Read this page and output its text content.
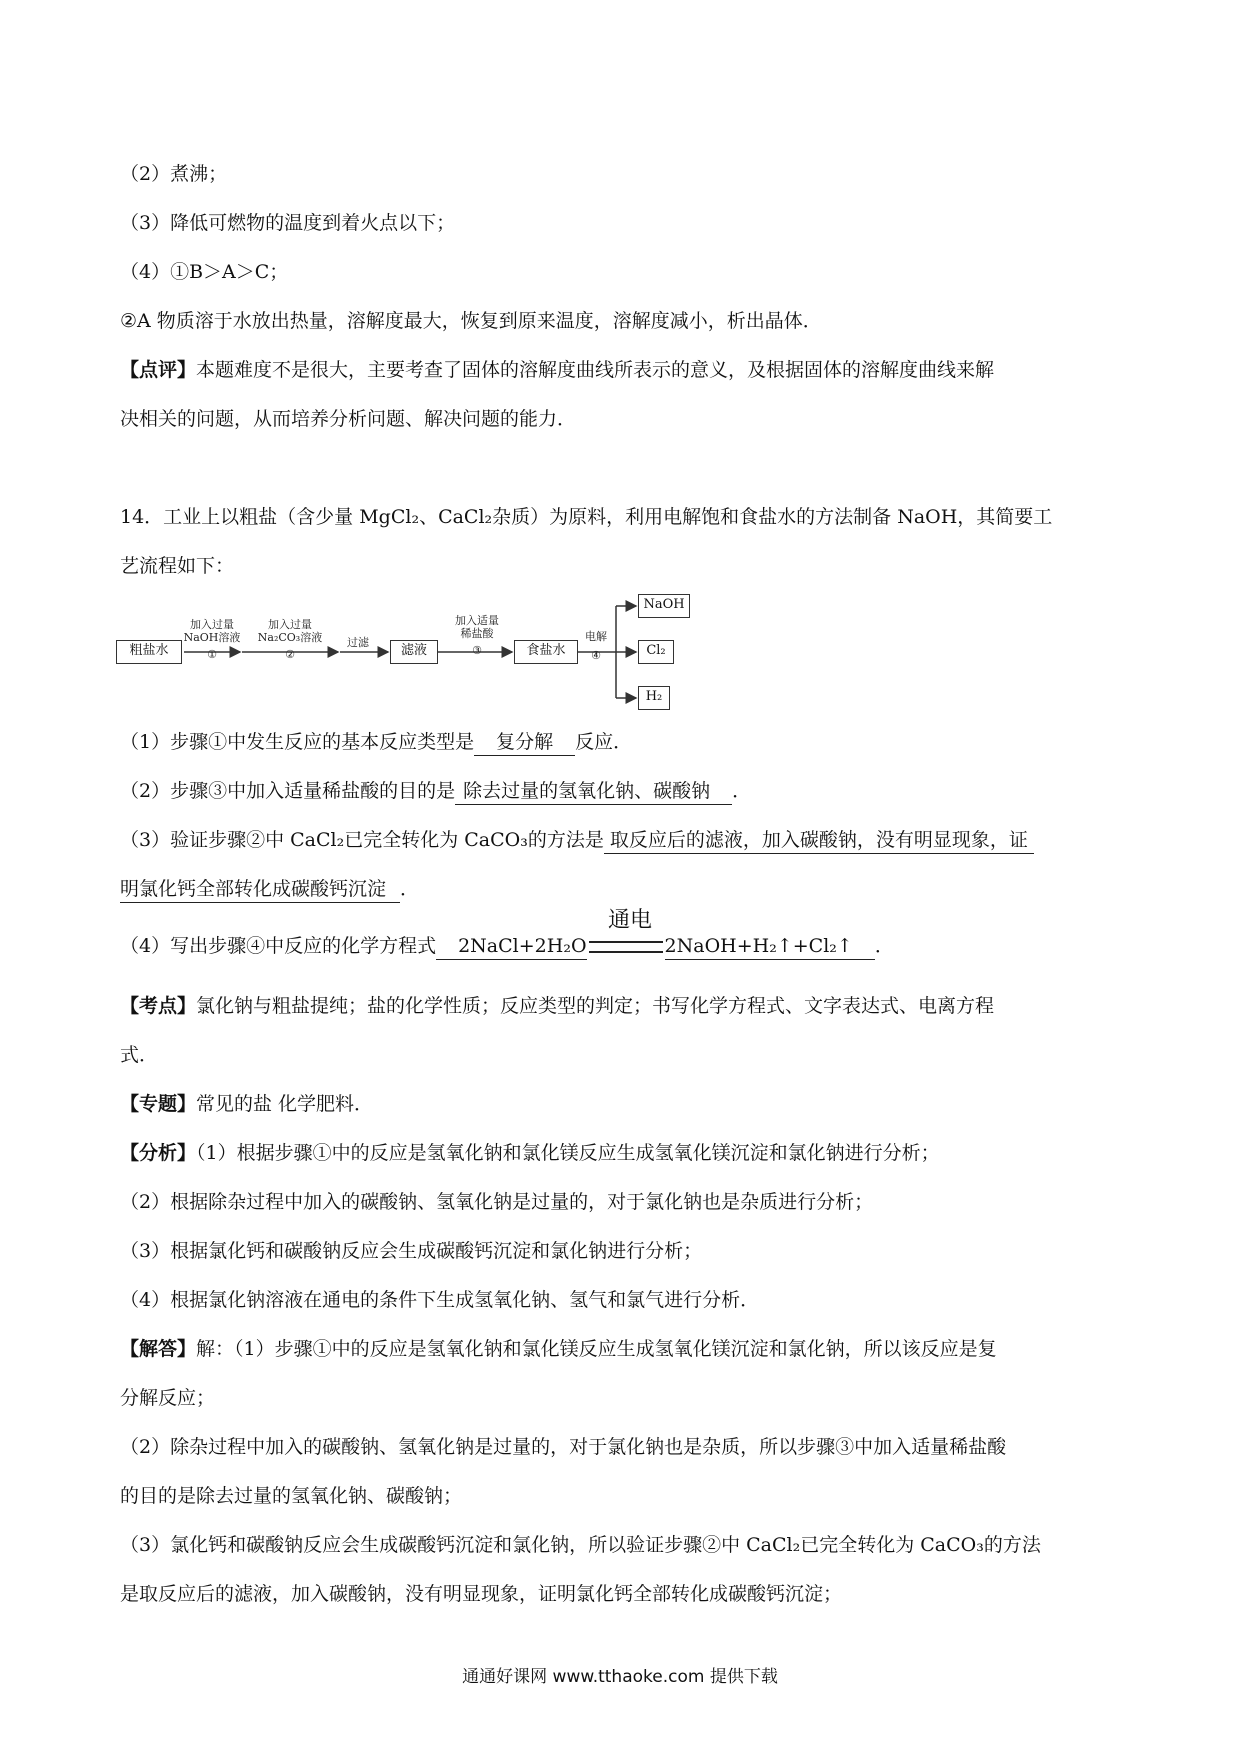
（2）煮沸；
（3）降低可燃物的温度到着火点以下；
（4）①B＞A＞C；
②A 物质溶于水放出热量，溶解度最大，恢复到原来温度，溶解度减小，析出晶体．
【点评】本题难度不是很大，主要考查了固体的溶解度曲线所表示的意义，及根据固体的溶解度曲线来解
决相关的问题，从而培养分析问题、解决问题的能力．
14．工业上以粗盐（含少量 MgCl₂、CaCl₂杂质）为原料，利用电解饱和食盐水的方法制备 NaOH，其简要工
艺流程如下：
粗盐水
加入过量
NaOH溶液
①
加入过量
Na₂CO₃溶液
②
过滤
滤液
加入适量
稀盐酸
③	食盐水
电解
④
NaOH
Cl₂
H₂
（1）步骤①中发生反应的基本反应类型是 复分解 反应．
（2）步骤③中加入适量稀盐酸的目的是 除去过量的氢氧化钠、碳酸钠 ．
（3）验证步骤②中 CaCl₂已完全转化为 CaCO₃的方法是 取反应后的滤液，加入碳酸钠，没有明显现象，证
明氯化钙全部转化成碳酸钙沉淀 ．
通电
（4）写出步骤④中反应的化学方程式 2NaCl+2H₂O	2NaOH+H₂↑+Cl₂↑ ．
【考点】氯化钠与粗盐提纯；盐的化学性质；反应类型的判定；书写化学方程式、文字表达式、电离方程
式．
【专题】常见的盐 化学肥料．
【分析】（1）根据步骤①中的反应是氢氧化钠和氯化镁反应生成氢氧化镁沉淀和氯化钠进行分析；
（2）根据除杂过程中加入的碳酸钠、氢氧化钠是过量的，对于氯化钠也是杂质进行分析；
（3）根据氯化钙和碳酸钠反应会生成碳酸钙沉淀和氯化钠进行分析；
（4）根据氯化钠溶液在通电的条件下生成氢氧化钠、氢气和氯气进行分析．
【解答】解：（1）步骤①中的反应是氢氧化钠和氯化镁反应生成氢氧化镁沉淀和氯化钠，所以该反应是复
分解反应；
（2）除杂过程中加入的碳酸钠、氢氧化钠是过量的，对于氯化钠也是杂质，所以步骤③中加入适量稀盐酸
的目的是除去过量的氢氧化钠、碳酸钠；
（3）氯化钙和碳酸钠反应会生成碳酸钙沉淀和氯化钠，所以验证步骤②中 CaCl₂已完全转化为 CaCO₃的方法
是取反应后的滤液，加入碳酸钠，没有明显现象，证明氯化钙全部转化成碳酸钙沉淀；
通通好课网 www.tthaoke.com 提供下载
